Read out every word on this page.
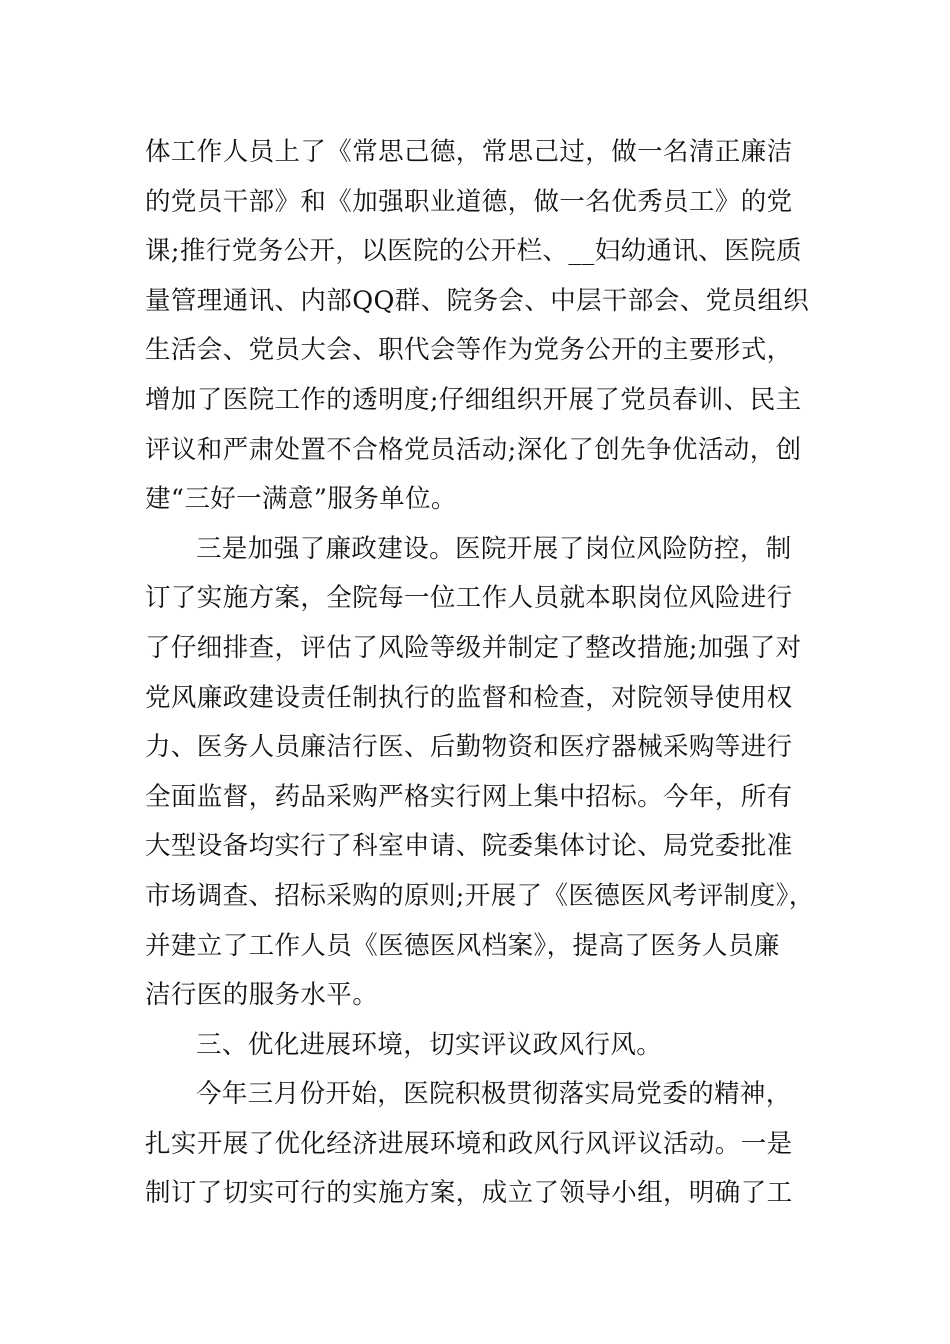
体工作人员上了《常思己德，常思己过，做一名清正廉洁
的党员干部》和《加强职业道德，做一名优秀员工》的党
课;推行党务公开，以医院的公开栏、__妇幼通讯、医院质
量管理通讯、内部QQ群、院务会、中层干部会、党员组织
生活会、党员大会、职代会等作为党务公开的主要形式，
增加了医院工作的透明度;仔细组织开展了党员春训、民主
评议和严肃处置不合格党员活动;深化了创先争优活动，创
建“三好一满意”服务单位。
三是加强了廉政建设。医院开展了岗位风险防控，制
订了实施方案，全院每一位工作人员就本职岗位风险进行
了仔细排查，评估了风险等级并制定了整改措施;加强了对
党风廉政建设责任制执行的监督和检查，对院领导使用权
力、医务人员廉洁行医、后勤物资和医疗器械采购等进行
全面监督，药品采购严格实行网上集中招标。今年，所有
大型设备均实行了科室申请、院委集体讨论、局党委批准
市场调查、招标采购的原则;开展了《医德医风考评制度》，
并建立了工作人员《医德医风档案》，提高了医务人员廉
洁行医的服务水平。
三、优化进展环境，切实评议政风行风。
今年三月份开始，医院积极贯彻落实局党委的精神，
扎实开展了优化经济进展环境和政风行风评议活动。一是
制订了切实可行的实施方案，成立了领导小组，明确了工
